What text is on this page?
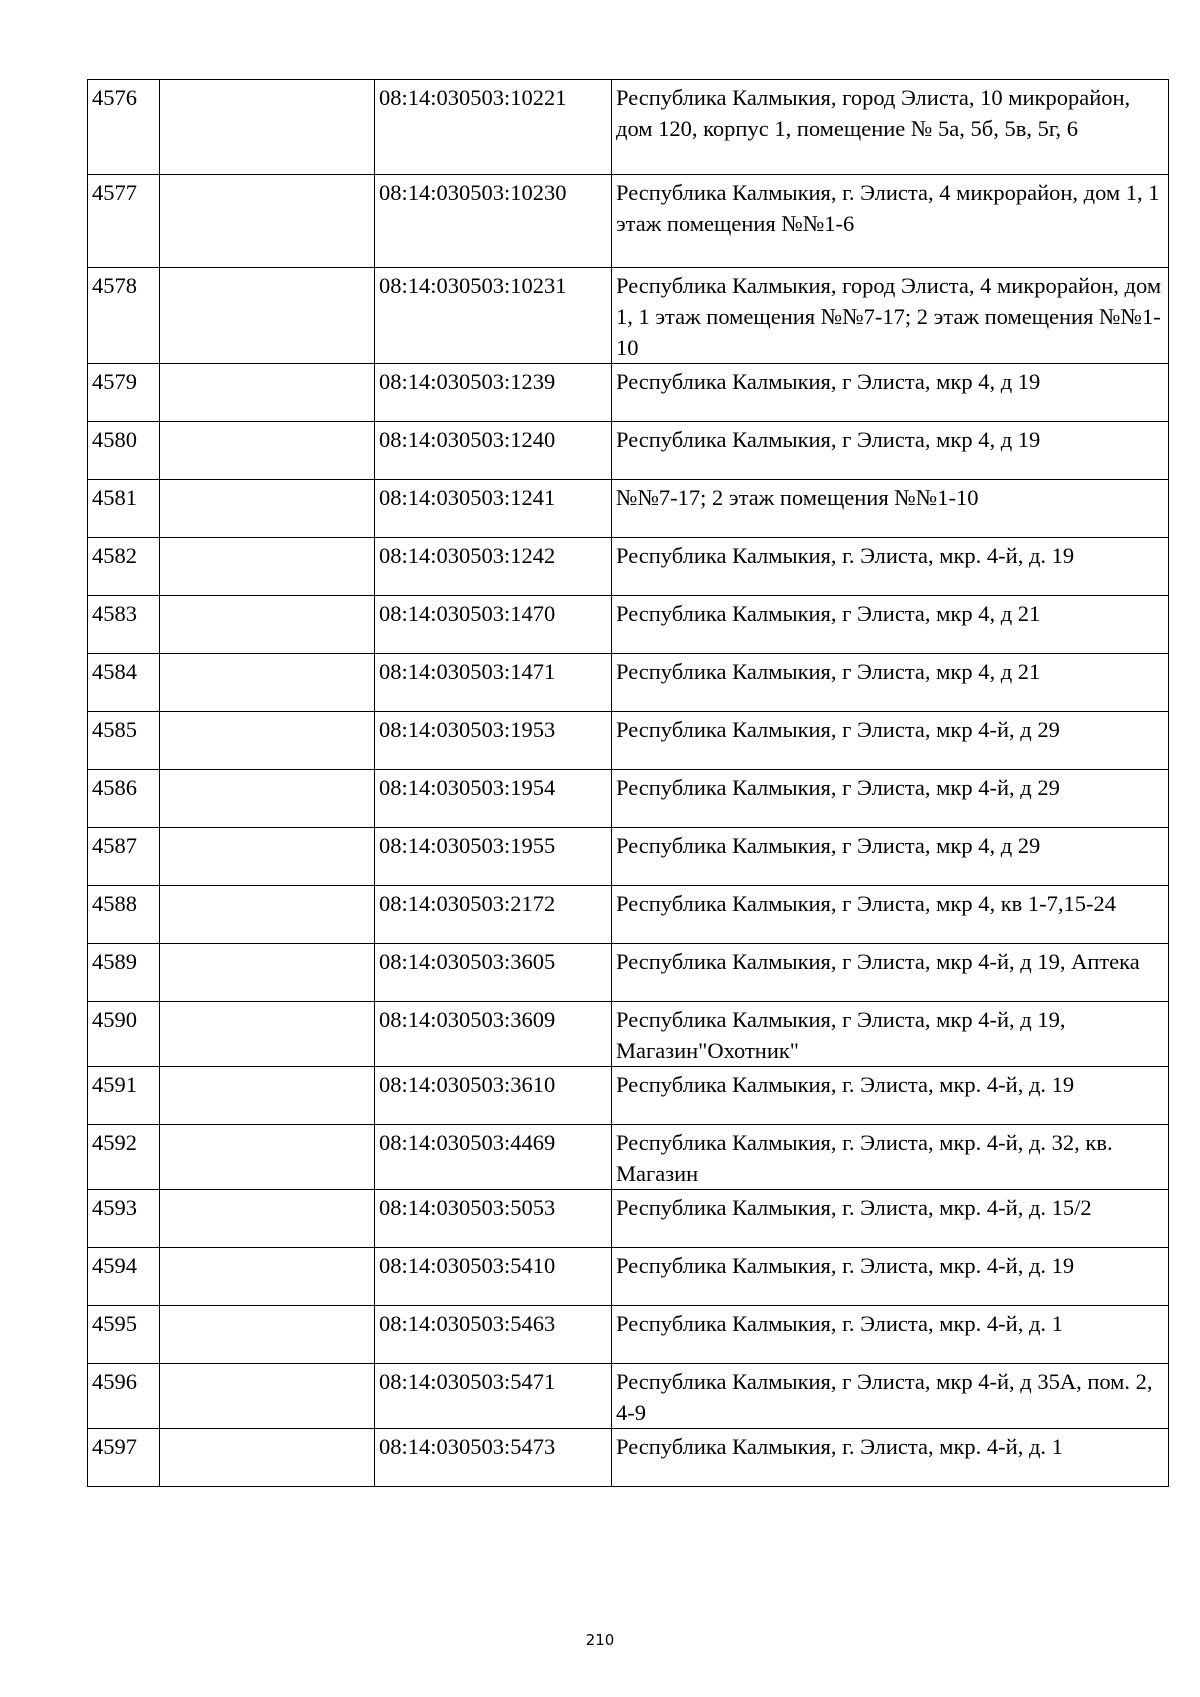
4576		08:14:030503:10221	Республика Калмыкия, город Элиста, 10 микрорайон, дом 120, корпус 1, помещение № 5а, 5б, 5в, 5г, 6
4577		08:14:030503:10230	Республика Калмыкия, г. Элиста, 4 микрорайон, дом 1, 1 этаж помещения №№1-6
4578		08:14:030503:10231	Республика Калмыкия, город Элиста, 4 микрорайон, дом 1, 1 этаж помещения №№7-17; 2 этаж помещения №№1-10
4579		08:14:030503:1239	Республика Калмыкия, г Элиста, мкр 4, д 19
4580		08:14:030503:1240	Республика Калмыкия, г Элиста, мкр 4, д 19
4581		08:14:030503:1241	№№7-17; 2 этаж помещения №№1-10
4582		08:14:030503:1242	Республика Калмыкия, г. Элиста, мкр. 4-й, д. 19
4583		08:14:030503:1470	Республика Калмыкия, г Элиста, мкр 4, д 21
4584		08:14:030503:1471	Республика Калмыкия, г Элиста, мкр 4, д 21
4585		08:14:030503:1953	Республика Калмыкия, г Элиста, мкр 4-й, д 29
4586		08:14:030503:1954	Республика Калмыкия, г Элиста, мкр 4-й, д 29
4587		08:14:030503:1955	Республика Калмыкия, г Элиста, мкр 4, д 29
4588		08:14:030503:2172	Республика Калмыкия, г Элиста, мкр 4, кв 1-7,15-24
4589		08:14:030503:3605	Республика Калмыкия, г Элиста, мкр 4-й, д 19, Аптека
4590		08:14:030503:3609	Республика Калмыкия, г Элиста, мкр 4-й, д 19, Магазин"Охотник"
4591		08:14:030503:3610	Республика Калмыкия, г. Элиста, мкр. 4-й, д. 19
4592		08:14:030503:4469	Республика Калмыкия, г. Элиста, мкр. 4-й, д. 32, кв. Магазин
4593		08:14:030503:5053	Республика Калмыкия, г. Элиста, мкр. 4-й, д. 15/2
4594		08:14:030503:5410	Республика Калмыкия, г. Элиста, мкр. 4-й, д. 19
4595		08:14:030503:5463	Республика Калмыкия, г. Элиста, мкр. 4-й, д. 1
4596		08:14:030503:5471	Республика Калмыкия, г Элиста, мкр 4-й, д 35А, пом. 2, 4-9
4597		08:14:030503:5473	Республика Калмыкия, г. Элиста, мкр. 4-й, д. 1
210
